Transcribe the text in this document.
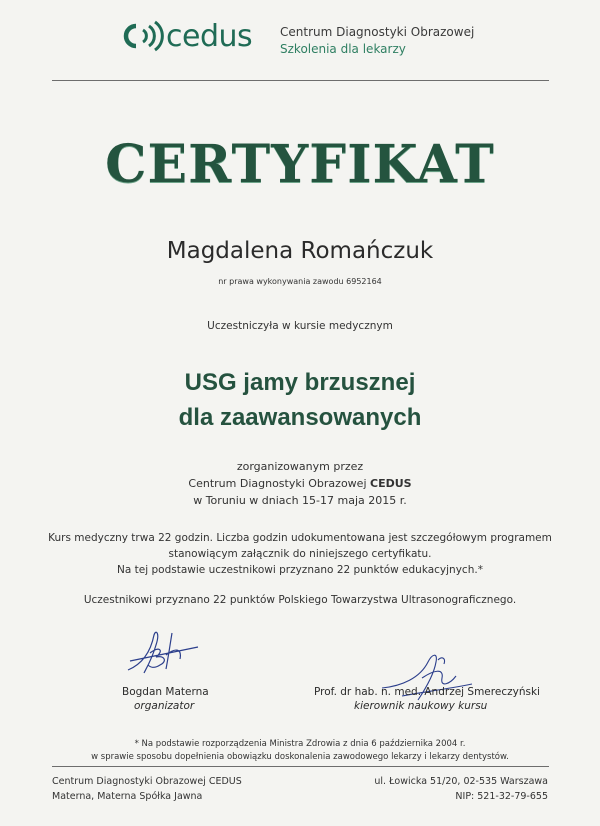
cedus Centrum Diagnostyki Obrazowej
Szkolenia dla lekarzy
CERTYFIKAT
Magdalena Romańczuk
nr prawa wykonywania zawodu 6952164
Uczestniczyła w kursie medycznym
USG jamy brzusznej
dla zaawansowanych
zorganizowanym przez
Centrum Diagnostyki Obrazowej CEDUS
w Toruniu w dniach 15-17 maja 2015 r.
Kurs medyczny trwa 22 godzin. Liczba godzin udokumentowana jest szczegółowym programem
stanowiącym załącznik do niniejszego certyfikatu.
Na tej podstawie uczestnikowi przyznano 22 punktów edukacyjnych.*
Uczestnikowi przyznano 22 punktów Polskiego Towarzystwa Ultrasonograficznego.
Bogdan Materna
organizator
Prof. dr hab. n. med. Andrzej Smereczyński
kierownik naukowy kursu
* Na podstawie rozporządzenia Ministra Zdrowia z dnia 6 października 2004 r.
w sprawie sposobu dopełnienia obowiązku doskonalenia zawodowego lekarzy i lekarzy dentystów.
Centrum Diagnostyki Obrazowej CEDUS
Materna, Materna Spółka Jawna
ul. Łowicka 51/20, 02-535 Warszawa
NIP: 521-32-79-655
